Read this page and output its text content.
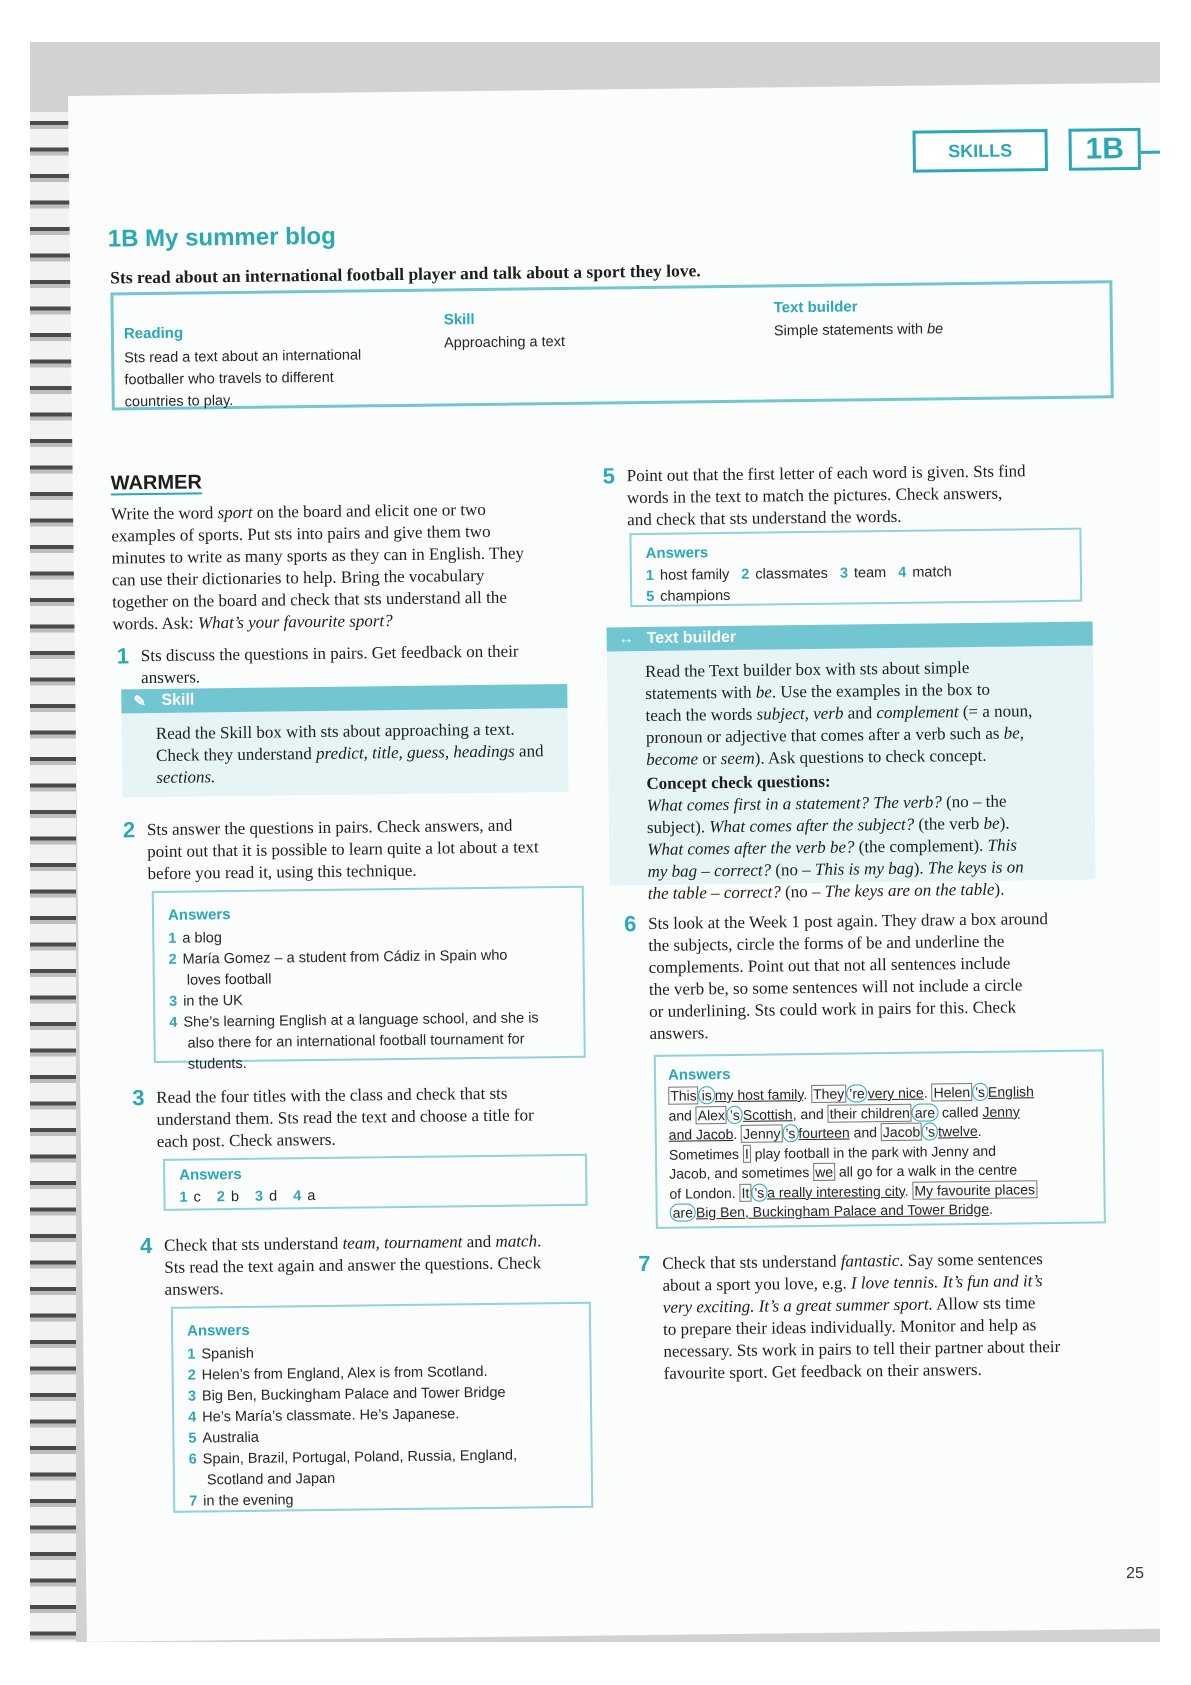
SKILLS	1B
1B My summer blog
Sts read about an international football player and talk about a sport they love.
Reading
Sts read a text about an international
footballer who travels to different
countries to play.
Skill
Approaching a text
Text builder
Simple statements with be
WARMER
Write the word sport on the board and elicit one or two
examples of sports. Put sts into pairs and give them two
minutes to write as many sports as they can in English. They
can use their dictionaries to help. Bring the vocabulary
together on the board and check that sts understand all the
words. Ask: What’s your favourite sport?
1 Sts discuss the questions in pairs. Get feedback on their
answers.
✎ Skill
Read the Skill box with sts about approaching a text.
Check they understand predict, title, guess, headings and
sections.
2 Sts answer the questions in pairs. Check answers, and
point out that it is possible to learn quite a lot about a text
before you read it, using this technique.
Answers
1 a blog
2 María Gomez – a student from Cádiz in Spain who
loves football
3 in the UK
4 She’s learning English at a language school, and she is
also there for an international football tournament for
students.
3 Read the four titles with the class and check that sts
understand them. Sts read the text and choose a title for
each post. Check answers.
Answers
1 c 2 b 3 d 4 a
4 Check that sts understand team, tournament and match.
Sts read the text again and answer the questions. Check
answers.
Answers
1 Spanish
2 Helen’s from England, Alex is from Scotland.
3 Big Ben, Buckingham Palace and Tower Bridge
4 He’s María’s classmate. He’s Japanese.
5 Australia
6 Spain, Brazil, Portugal, Poland, Russia, England,
Scotland and Japan
7 in the evening
5 Point out that the first letter of each word is given. Sts find
words in the text to match the pictures. Check answers,
and check that sts understand the words.
Answers
1 host family 2 classmates 3 team 4 match
5 champions
↔ Text builder
Read the Text builder box with sts about simple
statements with be. Use the examples in the box to
teach the words subject, verb and complement (= a noun,
pronoun or adjective that comes after a verb such as be,
become or seem). Ask questions to check concept.
Concept check questions:
What comes first in a statement? The verb? (no – the
subject). What comes after the subject? (the verb be).
What comes after the verb be? (the complement). This
my bag – correct? (no – This is my bag). The keys is on
the table – correct? (no – The keys are on the table).
6 Sts look at the Week 1 post again. They draw a box around
the subjects, circle the forms of be and underline the
complements. Point out that not all sentences include
the verb be, so some sentences will not include a circle
or underlining. Sts could work in pairs for this. Check
answers.
Answers
This is my host family. They ’re very nice. Helen ’s English
and Alex ’s Scottish, and their children are called Jenny
and Jacob. Jenny ’s fourteen and Jacob ’s twelve.
Sometimes I play football in the park with Jenny and
Jacob, and sometimes we all go for a walk in the centre
of London. It ’s a really interesting city. My favourite places
are Big Ben, Buckingham Palace and Tower Bridge.
7 Check that sts understand fantastic. Say some sentences
about a sport you love, e.g. I love tennis. It’s fun and it’s
very exciting. It’s a great summer sport. Allow sts time
to prepare their ideas individually. Monitor and help as
necessary. Sts work in pairs to tell their partner about their
favourite sport. Get feedback on their answers.
25
